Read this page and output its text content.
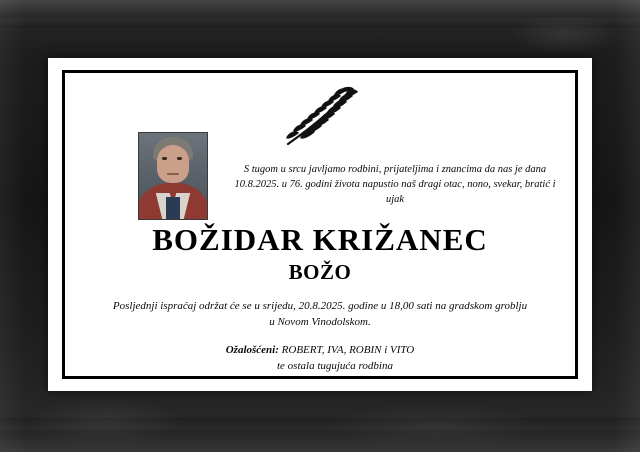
S tugom u srcu javljamo rodbini, prijateljima i znancima da nas je dana 10.8.2025. u 76. godini života napustio naš dragi otac, nono, svekar, bratić i ujak
BOŽIDAR KRIŽANEC
BOŽO
Posljednji ispraćaj održat će se u srijedu, 20.8.2025. godine u 18,00 sati na gradskom groblju u Novom Vinodolskom.
Ožalošćeni: ROBERT, IVA, ROBIN i VITO
te ostala tugujuća rodbina
